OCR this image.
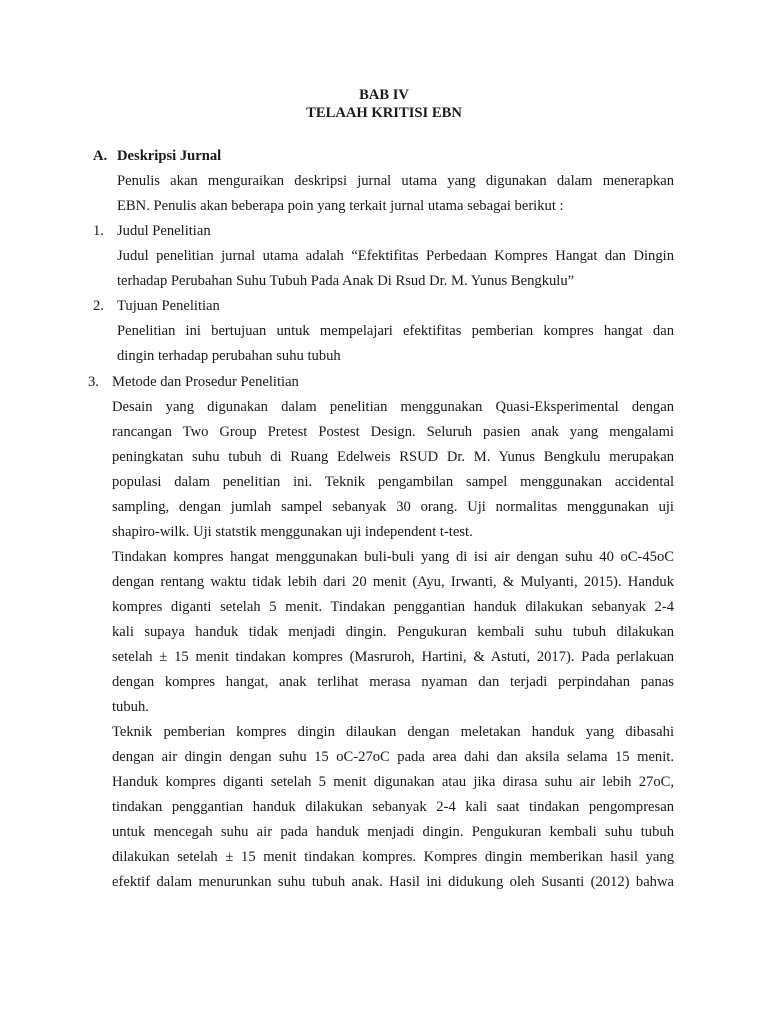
BAB IV
TELAAH KRITISI EBN
A. Deskripsi Jurnal
Penulis akan menguraikan deskripsi jurnal utama yang digunakan dalam menerapkan
EBN. Penulis akan beberapa poin yang terkait jurnal utama sebagai berikut :
1. Judul Penelitian
Judul penelitian jurnal utama adalah “Efektifitas Perbedaan Kompres Hangat dan Dingin
terhadap Perubahan Suhu Tubuh Pada Anak Di Rsud Dr. M. Yunus Bengkulu”
2. Tujuan Penelitian
Penelitian ini bertujuan untuk mempelajari efektifitas pemberian kompres hangat dan
dingin terhadap perubahan suhu tubuh
3. Metode dan Prosedur Penelitian
Desain yang digunakan dalam penelitian menggunakan Quasi-Eksperimental dengan
rancangan Two Group Pretest Postest Design. Seluruh pasien anak yang mengalami
peningkatan suhu tubuh di Ruang Edelweis RSUD Dr. M. Yunus Bengkulu merupakan
populasi dalam penelitian ini. Teknik pengambilan sampel menggunakan accidental
sampling, dengan jumlah sampel sebanyak 30 orang. Uji normalitas menggunakan uji
shapiro-wilk. Uji statstik menggunakan uji independent t-test.
Tindakan kompres hangat menggunakan buli-buli yang di isi air dengan suhu 40 oC-45oC
dengan rentang waktu tidak lebih dari 20 menit (Ayu, Irwanti, & Mulyanti, 2015). Handuk
kompres diganti setelah 5 menit. Tindakan penggantian handuk dilakukan sebanyak 2-4
kali supaya handuk tidak menjadi dingin. Pengukuran kembali suhu tubuh dilakukan
setelah ± 15 menit tindakan kompres (Masruroh, Hartini, & Astuti, 2017). Pada perlakuan
dengan kompres hangat, anak terlihat merasa nyaman dan terjadi perpindahan panas
tubuh.
Teknik pemberian kompres dingin dilaukan dengan meletakan handuk yang dibasahi
dengan air dingin dengan suhu 15 oC-27oC pada area dahi dan aksila selama 15 menit.
Handuk kompres diganti setelah 5 menit digunakan atau jika dirasa suhu air lebih 27oC,
tindakan penggantian handuk dilakukan sebanyak 2-4 kali saat tindakan pengompresan
untuk mencegah suhu air pada handuk menjadi dingin. Pengukuran kembali suhu tubuh
dilakukan setelah ± 15 menit tindakan kompres. Kompres dingin memberikan hasil yang
efektif dalam menurunkan suhu tubuh anak. Hasil ini didukung oleh Susanti (2012) bahwa
